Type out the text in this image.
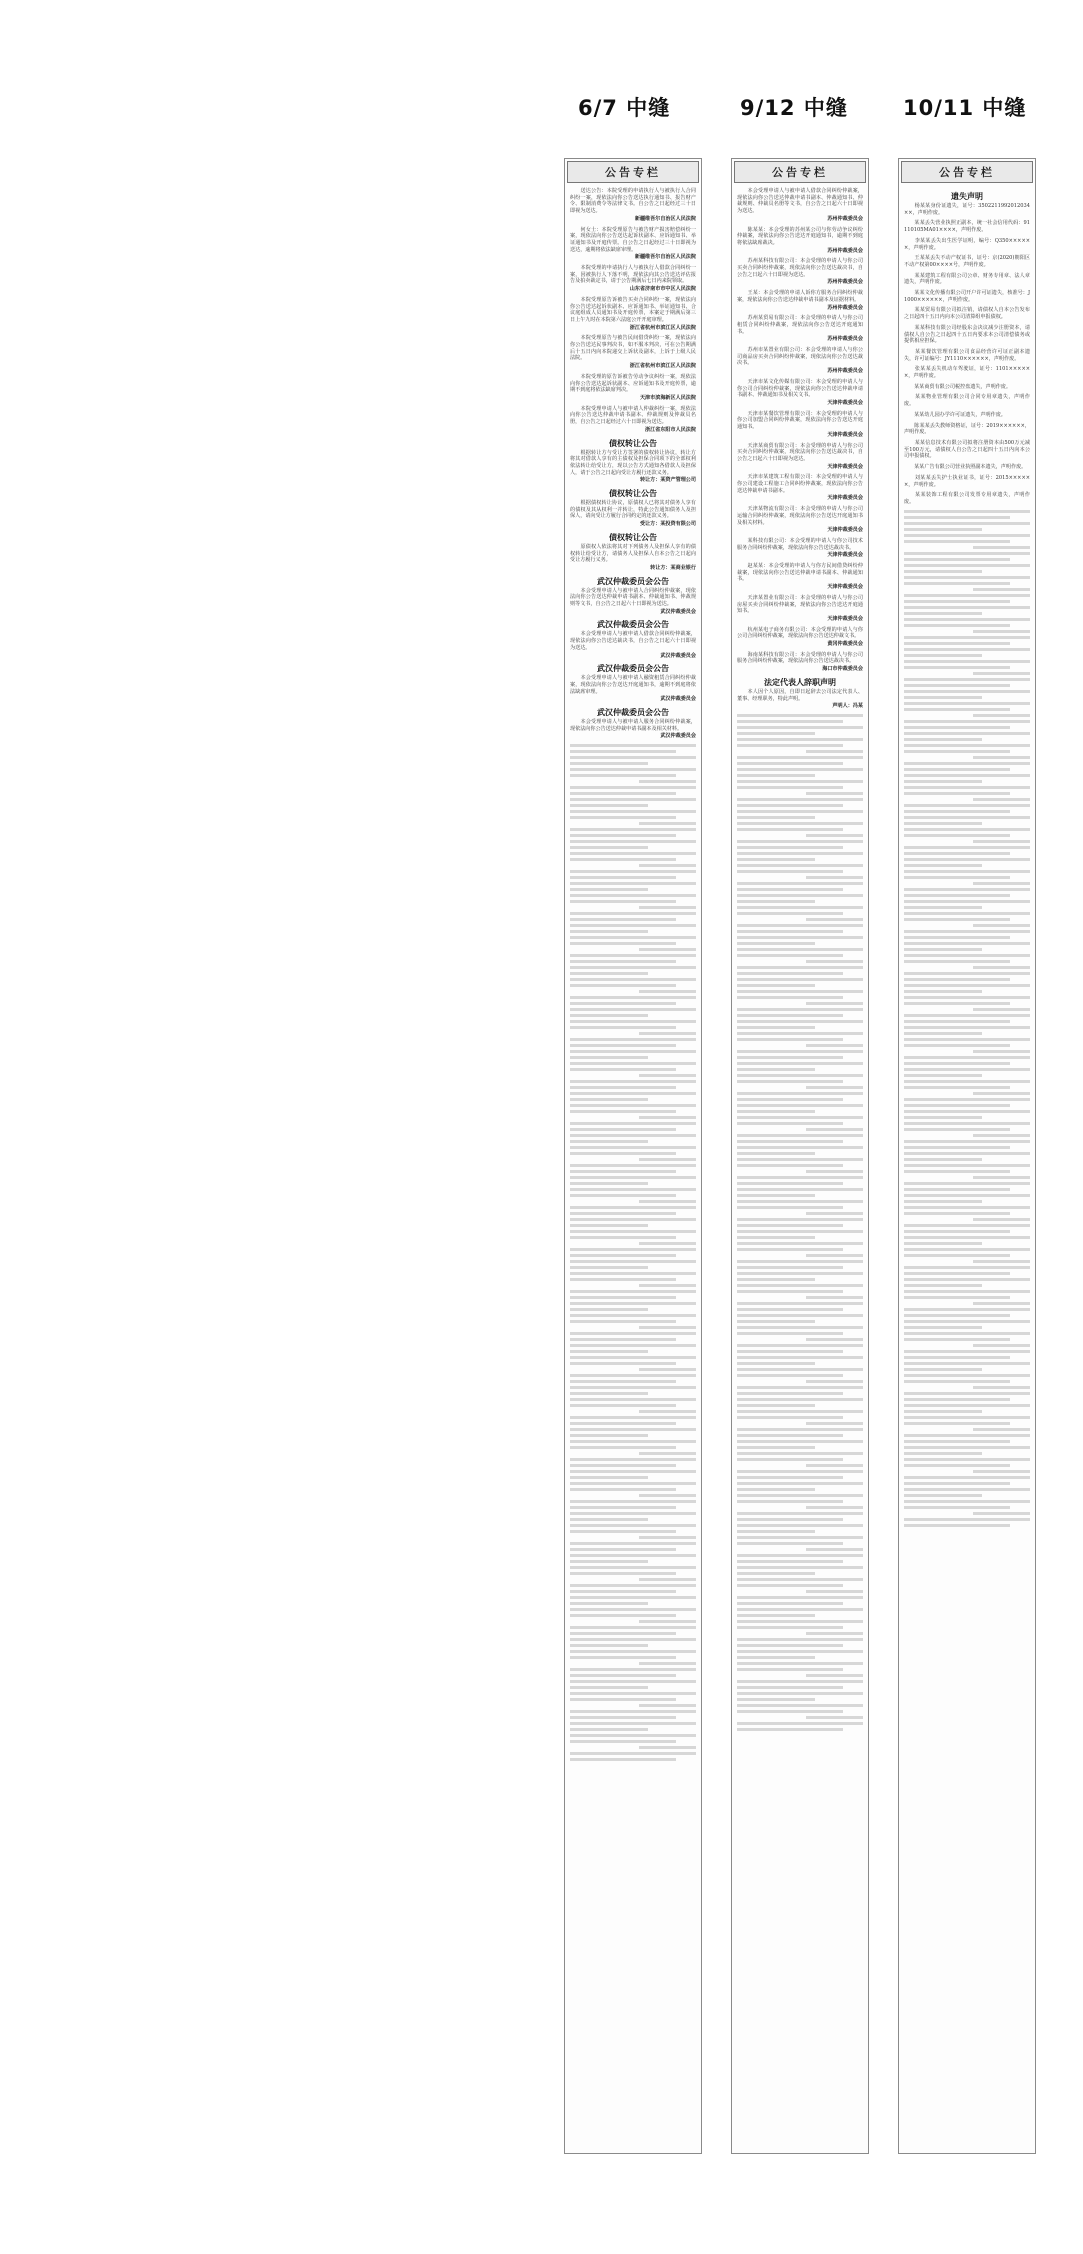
6/7 中缝	9/12 中缝	10/11 中缝
公告专栏
送达公告：本院受理的申请执行人与被执行人合同纠纷一案，现依法向你公告送达执行通知书、报告财产令、限制消费令等法律文书。自公告之日起经过三十日即视为送达。
新疆维吾尔自治区人民法院
何女士：本院受理原告与被告财产损害赔偿纠纷一案，现依法向你公告送达起诉状副本、应诉通知书、举证通知书及开庭传票。自公告之日起经过三十日即视为送达，逾期将依法缺席审理。
新疆维吾尔自治区人民法院
本院受理的申请执行人与被执行人借款合同纠纷一案，因被执行人下落不明，现依法向其公告送达评估报告及拍卖裁定书，请于公告期满后七日内来院领取。
山东省济南市市中区人民法院
本院受理原告诉被告买卖合同纠纷一案，现依法向你公告送达起诉状副本、应诉通知书、举证通知书、合议庭组成人员通知书及开庭传票，本案定于期满后第三日上午九时在本院第六法庭公开开庭审理。
浙江省杭州市滨江区人民法院
本院受理原告与被告民间借贷纠纷一案，现依法向你公告送达民事判决书，如不服本判决，可在公告期满后十五日内向本院递交上诉状及副本，上诉于上级人民法院。
浙江省杭州市滨江区人民法院
本院受理的原告诉被告劳动争议纠纷一案，现依法向你公告送达起诉状副本、应诉通知书及开庭传票，逾期不到庭将依法缺席判决。
天津市滨海新区人民法院
本院受理申请人与被申请人仲裁纠纷一案，现依法向你公告送达仲裁申请书副本、仲裁规则及仲裁员名册，自公告之日起经过六十日即视为送达。
浙江省东阳市人民法院
债权转让公告
根据转让方与受让方签署的债权转让协议，转让方将其对借款人享有的主债权及担保合同项下的全部权利依法转让给受让方，现以公告方式通知各借款人及担保人，请于公告之日起向受让方履行还款义务。
转让方：某资产管理公司
债权转让公告
根据债权转让协议，原债权人已将其对债务人享有的债权及其从权利一并转让，特此公告通知债务人及担保人，请向受让方履行合同约定的还款义务。
受让方：某投资有限公司
债权转让公告
原债权人依法将其对下列债务人及担保人享有的债权转让给受让方，请债务人及担保人自本公告之日起向受让方履行义务。
转让方：某商业银行
武汉仲裁委员会公告
本会受理申请人与被申请人合同纠纷仲裁案，现依法向你公告送达仲裁申请书副本、仲裁通知书、仲裁规则等文书，自公告之日起六十日即视为送达。
武汉仲裁委员会
武汉仲裁委员会公告
本会受理申请人与被申请人借款合同纠纷仲裁案，现依法向你公告送达裁决书，自公告之日起六十日即视为送达。
武汉仲裁委员会
武汉仲裁委员会公告
本会受理申请人与被申请人融资租赁合同纠纷仲裁案，现依法向你公告送达开庭通知书，逾期不到庭将依法缺席审理。
武汉仲裁委员会
武汉仲裁委员会公告
本会受理申请人与被申请人服务合同纠纷仲裁案，现依法向你公告送达仲裁申请书副本及相关材料。
武汉仲裁委员会
公告专栏
本会受理申请人与被申请人借款合同纠纷仲裁案，现依法向你公告送达仲裁申请书副本、仲裁通知书、仲裁规则、仲裁员名册等文书，自公告之日起六十日即视为送达。
苏州仲裁委员会
陈某某：本会受理的苏州某公司与你劳动争议纠纷仲裁案，现依法向你公告送达开庭通知书，逾期不到庭将依法缺席裁决。
苏州仲裁委员会
苏州某科技有限公司：本会受理的申请人与你公司买卖合同纠纷仲裁案，现依法向你公告送达裁决书，自公告之日起六十日即视为送达。
苏州仲裁委员会
王某：本会受理的申请人诉你方服务合同纠纷仲裁案，现依法向你公告送达仲裁申请书副本及证据材料。
苏州仲裁委员会
苏州某贸易有限公司：本会受理的申请人与你公司租赁合同纠纷仲裁案，现依法向你公告送达开庭通知书。
苏州仲裁委员会
苏州市某置业有限公司：本会受理的申请人与你公司商品房买卖合同纠纷仲裁案，现依法向你公告送达裁决书。
苏州仲裁委员会
天津市某文化传媒有限公司：本会受理的申请人与你公司合同纠纷仲裁案，现依法向你公告送达仲裁申请书副本、仲裁通知书及相关文书。
天津仲裁委员会
天津市某餐饮管理有限公司：本会受理的申请人与你公司加盟合同纠纷仲裁案，现依法向你公告送达开庭通知书。
天津仲裁委员会
天津某商贸有限公司：本会受理的申请人与你公司买卖合同纠纷仲裁案，现依法向你公告送达裁决书，自公告之日起六十日即视为送达。
天津仲裁委员会
天津市某建筑工程有限公司：本会受理的申请人与你公司建设工程施工合同纠纷仲裁案，现依法向你公告送达仲裁申请书副本。
天津仲裁委员会
天津某物流有限公司：本会受理的申请人与你公司运输合同纠纷仲裁案，现依法向你公告送达开庭通知书及相关材料。
天津仲裁委员会
某科技有限公司：本会受理的申请人与你公司技术服务合同纠纷仲裁案，现依法向你公告送达裁决书。
天津仲裁委员会
赵某某：本会受理的申请人与你方民间借贷纠纷仲裁案，现依法向你公告送达仲裁申请书副本、仲裁通知书。
天津仲裁委员会
天津某置业有限公司：本会受理的申请人与你公司房屋买卖合同纠纷仲裁案，现依法向你公告送达开庭通知书。
天津仲裁委员会
杭州某电子商务有限公司：本会受理的申请人与你公司合同纠纷仲裁案，现依法向你公告送达仲裁文书。
黄冈仲裁委员会
海南某科技有限公司：本会受理的申请人与你公司服务合同纠纷仲裁案，现依法向你公告送达裁决书。
海口市仲裁委员会
法定代表人辞职声明
本人因个人原因，自即日起辞去公司法定代表人、董事、经理职务，特此声明。
声明人：冯某
公告专栏
遗失声明
杨某某身份证遗失，证号：3502211992012034××，声明作废。
某某丢失营业执照正副本，统一社会信用代码：91110105MA01××××，声明作废。
李某某丢失出生医学证明，编号：Q350××××××，声明作废。
王某某丢失不动产权证书，证号：京(2020)朝阳区不动产权第00××××号，声明作废。
某某建筑工程有限公司公章、财务专用章、法人章遗失，声明作废。
某某文化传播有限公司开户许可证遗失，核准号：J1000××××××，声明作废。
某某贸易有限公司拟注销，请债权人自本公告发布之日起四十五日内向本公司清算组申报债权。
某某科技有限公司经股东会决议减少注册资本，请债权人自公告之日起四十五日内要求本公司清偿债务或提供相应担保。
某某餐饮管理有限公司食品经营许可证正副本遗失，许可证编号：JY1110××××××，声明作废。
张某某丢失机动车驾驶证，证号：1101××××××，声明作废。
某某商贸有限公司税控盘遗失，声明作废。
某某物业管理有限公司合同专用章遗失，声明作废。
某某幼儿园办学许可证遗失，声明作废。
陈某某丢失教师资格证，证号：2019××××××，声明作废。
某某信息技术有限公司拟将注册资本由500万元减至100万元，请债权人自公告之日起四十五日内向本公司申报债权。
某某广告有限公司营业执照副本遗失，声明作废。
刘某某丢失护士执业证书，证号：2015××××××，声明作废。
某某装饰工程有限公司发票专用章遗失，声明作废。
